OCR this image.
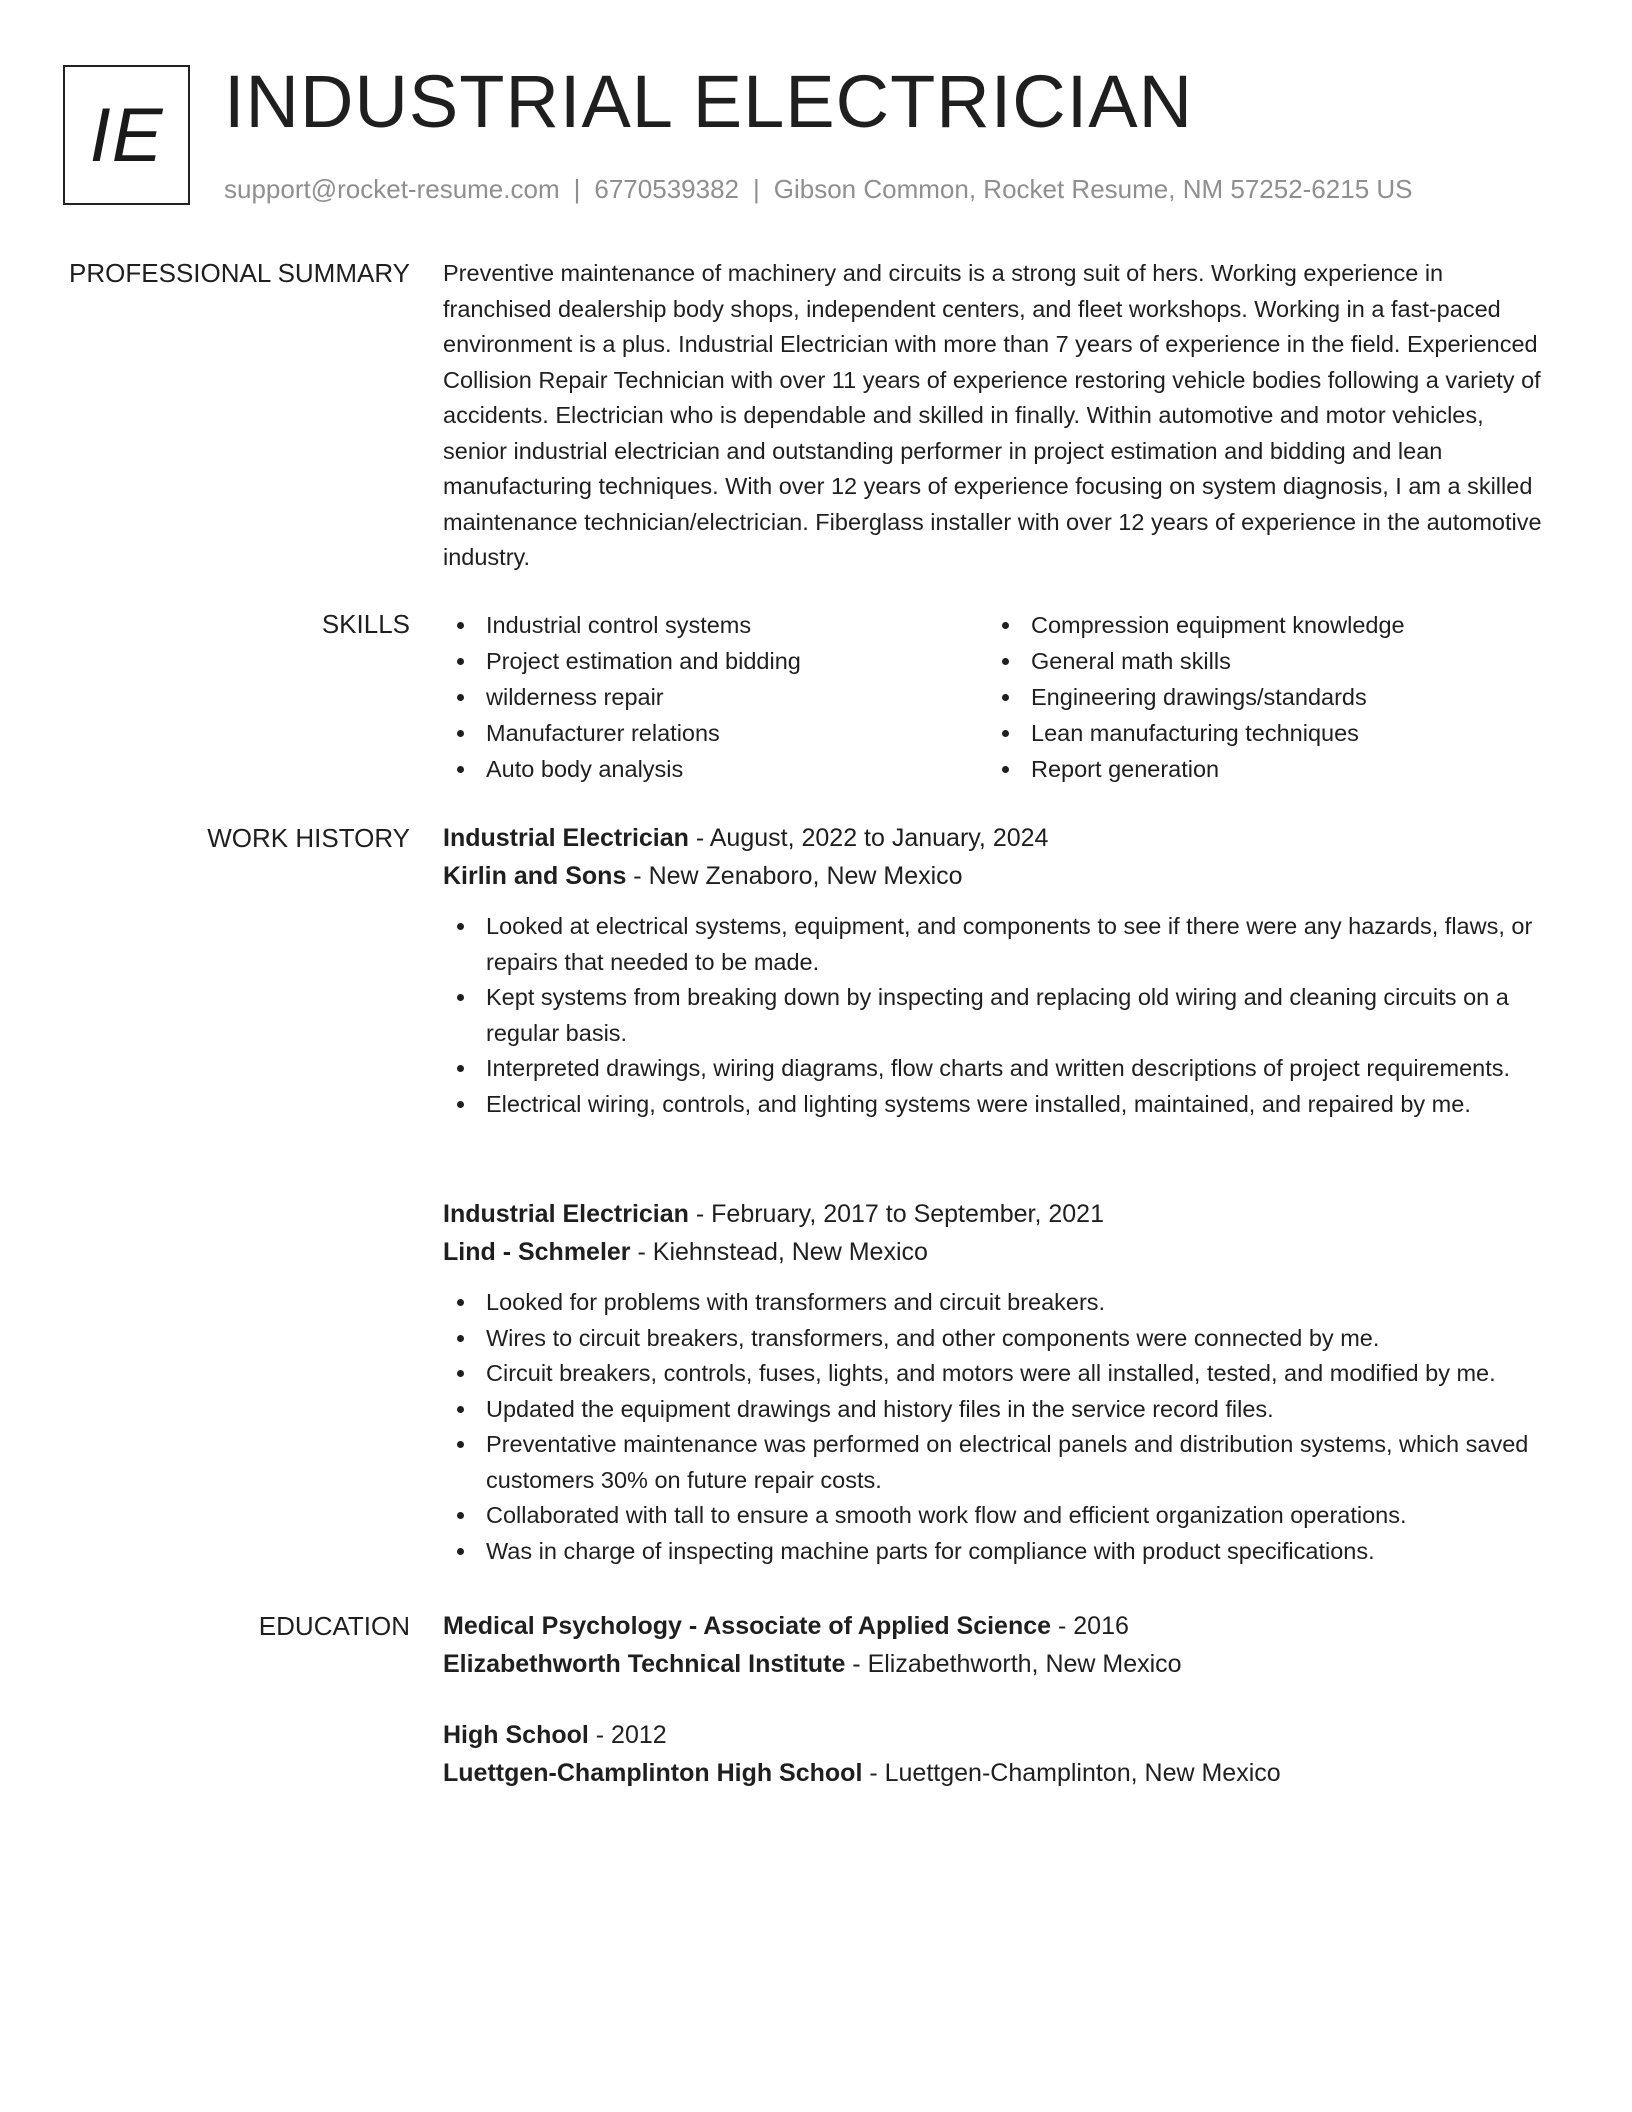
IE INDUSTRIAL ELECTRICIAN
support@rocket-resume.com | 6770539382 | Gibson Common, Rocket Resume, NM 57252-6215 US
PROFESSIONAL SUMMARY Preventive maintenance of machinery and circuits is a strong suit of hers. Working experience in franchised dealership body shops, independent centers, and fleet workshops. Working in a fast-paced environment is a plus. Industrial Electrician with more than 7 years of experience in the field. Experienced Collision Repair Technician with over 11 years of experience restoring vehicle bodies following a variety of accidents. Electrician who is dependable and skilled in finally. Within automotive and motor vehicles, senior industrial electrician and outstanding performer in project estimation and bidding and lean manufacturing techniques. With over 12 years of experience focusing on system diagnosis, I am a skilled maintenance technician/electrician. Fiberglass installer with over 12 years of experience in the automotive industry.
SKILLS	Industrial control systems
Project estimation and bidding
wilderness repair
Manufacturer relations
Auto body analysis
Compression equipment knowledge
General math skills
Engineering drawings/standards
Lean manufacturing techniques
Report generation
WORK HISTORY Industrial Electrician - August, 2022 to January, 2024
Kirlin and Sons - New Zenaboro, New Mexico
Looked at electrical systems, equipment, and components to see if there were any hazards, flaws, or repairs that needed to be made.
Kept systems from breaking down by inspecting and replacing old wiring and cleaning circuits on a regular basis.
Interpreted drawings, wiring diagrams, flow charts and written descriptions of project requirements.
Electrical wiring, controls, and lighting systems were installed, maintained, and repaired by me.
Industrial Electrician - February, 2017 to September, 2021
Lind - Schmeler - Kiehnstead, New Mexico
Looked for problems with transformers and circuit breakers.
Wires to circuit breakers, transformers, and other components were connected by me.
Circuit breakers, controls, fuses, lights, and motors were all installed, tested, and modified by me.
Updated the equipment drawings and history files in the service record files.
Preventative maintenance was performed on electrical panels and distribution systems, which saved customers 30% on future repair costs.
Collaborated with tall to ensure a smooth work flow and efficient organization operations.
Was in charge of inspecting machine parts for compliance with product specifications.
EDUCATION Medical Psychology - Associate of Applied Science - 2016
Elizabethworth Technical Institute - Elizabethworth, New Mexico
High School - 2012
Luettgen-Champlinton High School - Luettgen-Champlinton, New Mexico
